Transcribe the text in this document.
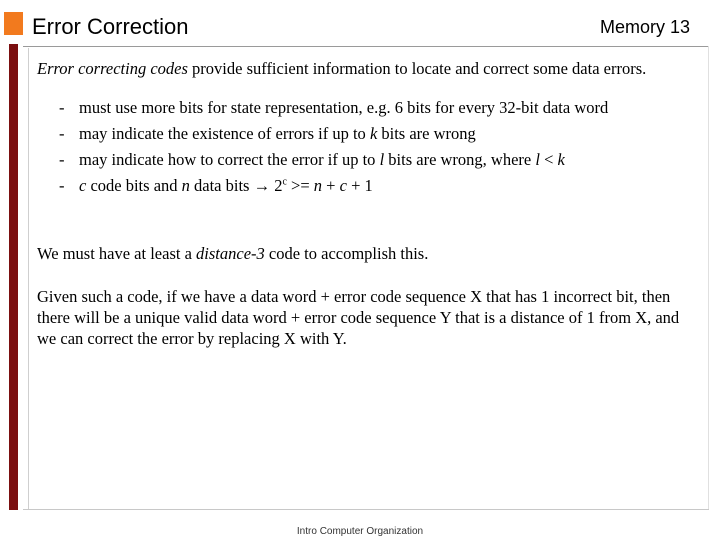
Error Correction	Memory 13

Error correcting codes provide sufficient information to locate and correct some data errors.

- must use more bits for state representation, e.g. 6 bits for every 32-bit data word
- may indicate the existence of errors if up to k bits are wrong
- may indicate how to correct the error if up to l bits are wrong, where l < k
- c code bits and n data bits → $2^c >= n + c + 1$

We must have at least a distance-3 code to accomplish this.

Given such a code, if we have a data word + error code sequence X that has 1 incorrect bit, then there will be a unique valid data word + error code sequence Y that is a distance of 1 from X, and we can correct the error by replacing X with Y.

Intro Computer Organization
